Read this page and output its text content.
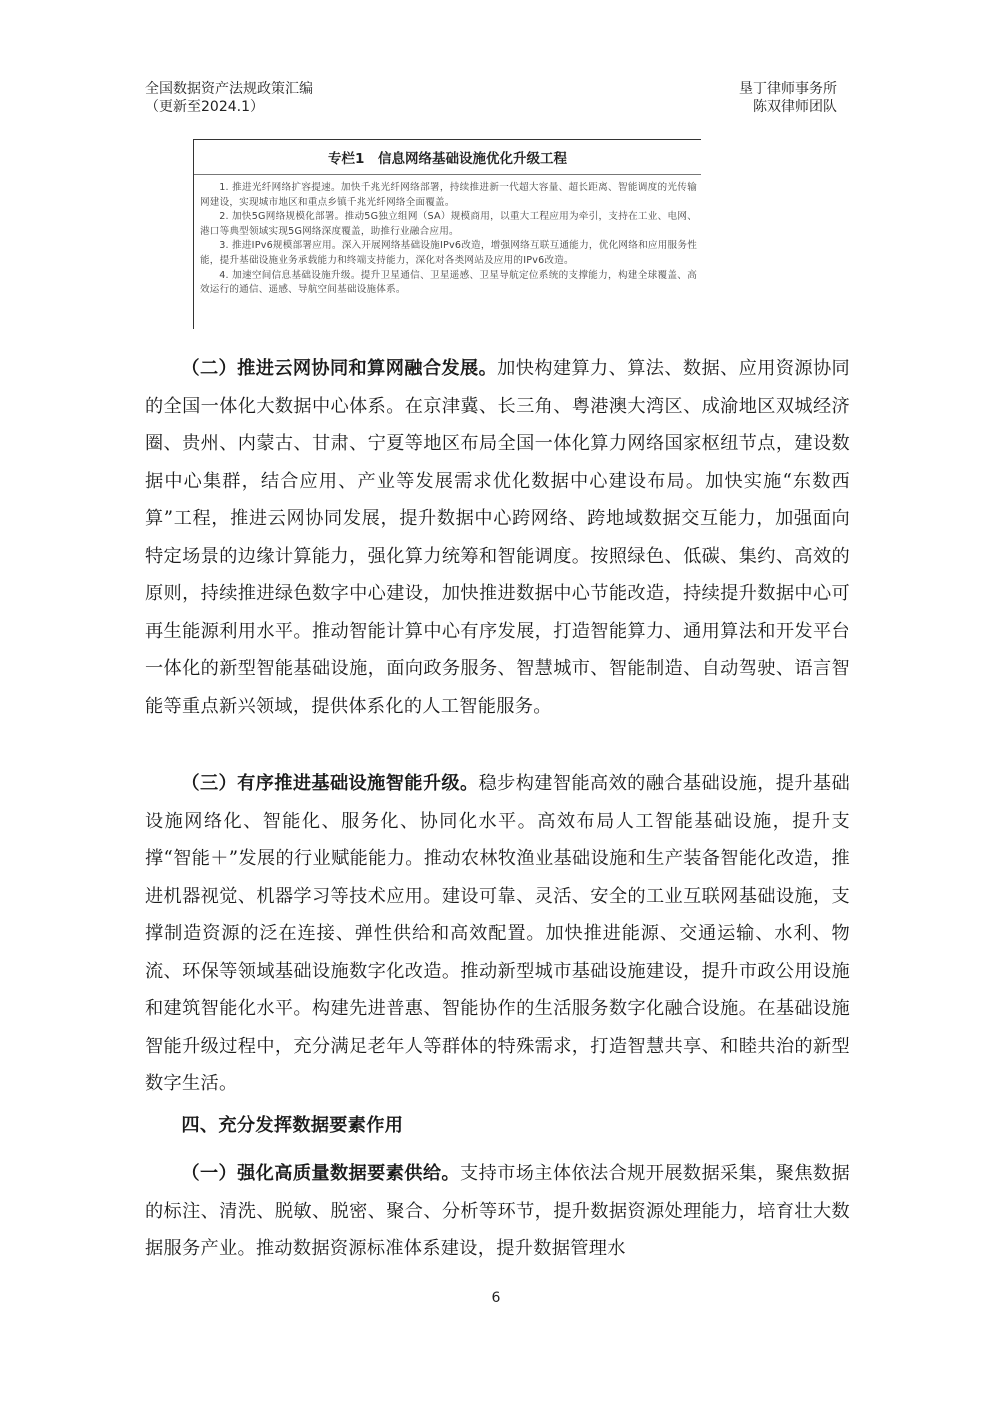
全国数据资产法规政策汇编
（更新至2024.1）
垦丁律师事务所
陈双律师团队
专栏1　信息网络基础设施优化升级工程

1. 推进光纤网络扩容提速。加快千兆光纤网络部署，持续推进新一代超大容量、超长距离、智能调度的光传输网建设，实现城市地区和重点乡镇千兆光纤网络全面覆盖。

2. 加快5G网络规模化部署。推动5G独立组网（SA）规模商用，以重大工程应用为牵引，支持在工业、电网、港口等典型领域实现5G网络深度覆盖，助推行业融合应用。

3. 推进IPv6规模部署应用。深入开展网络基础设施IPv6改造，增强网络互联互通能力，优化网络和应用服务性能，提升基础设施业务承载能力和终端支持能力，深化对各类网站及应用的IPv6改造。

4. 加速空间信息基础设施升级。提升卫星通信、卫星遥感、卫星导航定位系统的支撑能力，构建全球覆盖、高效运行的通信、遥感、导航空间基础设施体系。

（二）推进云网协同和算网融合发展。加快构建算力、算法、数据、应用资源协同的全国一体化大数据中心体系。在京津冀、长三角、粤港澳大湾区、成渝地区双城经济圈、贵州、内蒙古、甘肃、宁夏等地区布局全国一体化算力网络国家枢纽节点，建设数据中心集群，结合应用、产业等发展需求优化数据中心建设布局。加快实施“东数西算”工程，推进云网协同发展，提升数据中心跨网络、跨地域数据交互能力，加强面向特定场景的边缘计算能力，强化算力统筹和智能调度。按照绿色、低碳、集约、高效的原则，持续推进绿色数字中心建设，加快推进数据中心节能改造，持续提升数据中心可再生能源利用水平。推动智能计算中心有序发展，打造智能算力、通用算法和开发平台一体化的新型智能基础设施，面向政务服务、智慧城市、智能制造、自动驾驶、语言智能等重点新兴领域，提供体系化的人工智能服务。

（三）有序推进基础设施智能升级。稳步构建智能高效的融合基础设施，提升基础设施网络化、智能化、服务化、协同化水平。高效布局人工智能基础设施，提升支撑“智能＋”发展的行业赋能能力。推动农林牧渔业基础设施和生产装备智能化改造，推进机器视觉、机器学习等技术应用。建设可靠、灵活、安全的工业互联网基础设施，支撑制造资源的泛在连接、弹性供给和高效配置。加快推进能源、交通运输、水利、物流、环保等领域基础设施数字化改造。推动新型城市基础设施建设，提升市政公用设施和建筑智能化水平。构建先进普惠、智能协作的生活服务数字化融合设施。在基础设施智能升级过程中，充分满足老年人等群体的特殊需求，打造智慧共享、和睦共治的新型数字生活。

四、充分发挥数据要素作用

（一）强化高质量数据要素供给。支持市场主体依法合规开展数据采集，聚焦数据的标注、清洗、脱敏、脱密、聚合、分析等环节，提升数据资源处理能力，培育壮大数据服务产业。推动数据资源标准体系建设，提升数据管理水

6
